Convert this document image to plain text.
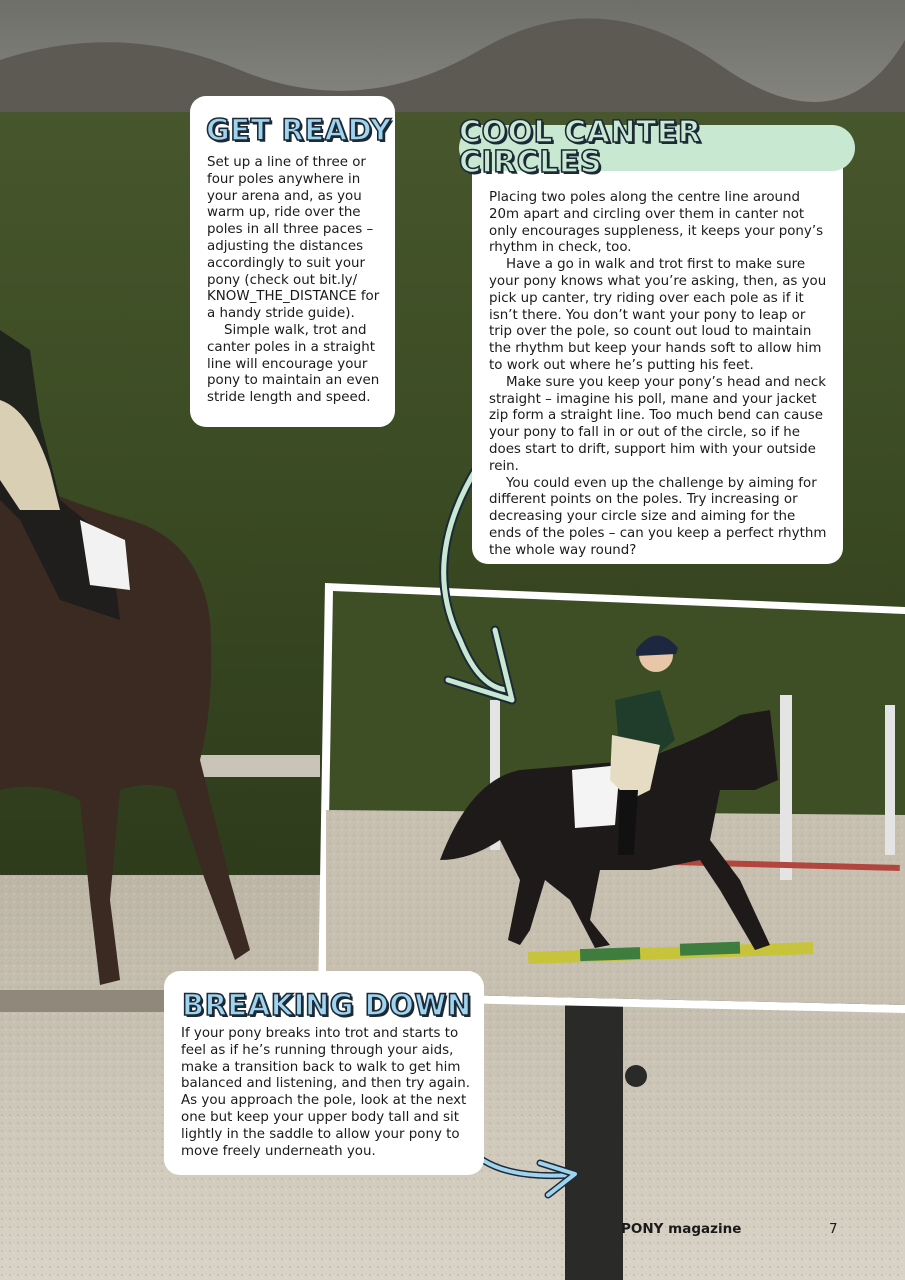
GET READY

Set up a line of three or four poles anywhere in your arena and, as you warm up, ride over the poles in all three paces – adjusting the distances accordingly to suit your pony (check out bit.ly/ KNOW_THE_DISTANCE for a handy stride guide).

Simple walk, trot and canter poles in a straight line will encourage your pony to maintain an even stride length and speed.

Placing two poles along the centre line around 20m apart and circling over them in canter not only encourages suppleness, it keeps your pony’s rhythm in check, too.

Have a go in walk and trot first to make sure your pony knows what you’re asking, then, as you pick up canter, try riding over each pole as if it isn’t there. You don’t want your pony to leap or trip over the pole, so count out loud to maintain the rhythm but keep your hands soft to allow him to work out where he’s putting his feet.

Make sure you keep your pony’s head and neck straight – imagine his poll, mane and your jacket zip form a straight line. Too much bend can cause your pony to fall in or out of the circle, so if he does start to drift, support him with your outside rein.

You could even up the challenge by aiming for different points on the poles. Try increasing or decreasing your circle size and aiming for the ends of the poles – can you keep a perfect rhythm the whole way round?

COOL CANTER CIRCLES
BREAKING DOWN

If your pony breaks into trot and starts to feel as if he’s running through your aids, make a transition back to walk to get him balanced and listening, and then try again. As you approach the pole, look at the next one but keep your upper body tall and sit lightly in the saddle to allow your pony to move freely underneath you.

PONY magazine	7
